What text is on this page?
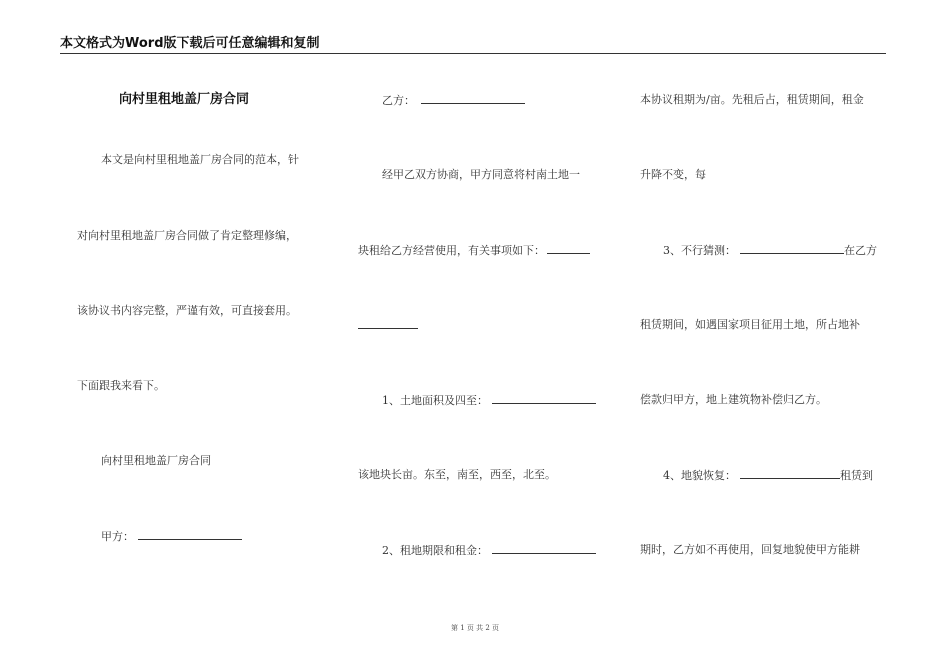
本文格式为Word版下载后可任意编辑和复制
向村里租地盖厂房合同
本文是向村里租地盖厂房合同的范本，针
对向村里租地盖厂房合同做了肯定整理修编，
该协议书内容完整，严谨有效，可直接套用。
下面跟我来看下。
向村里租地盖厂房合同
甲方：
乙方：
经甲乙双方协商，甲方同意将村南土地一
块租给乙方经营使用，有关事项如下：
1、土地面积及四至：
该地块长亩。东至，南至，西至，北至。
2、租地期限和租金：
本协议租期为/亩。先租后占，租赁期间，租金
升降不变，每
3、不行猜测：	在乙方
租赁期间，如遇国家项目征用土地，所占地补
偿款归甲方，地上建筑物补偿归乙方。
4、地貌恢复：	租赁到
期时，乙方如不再使用，回复地貌使甲方能耕
第 1 页 共 2 页
